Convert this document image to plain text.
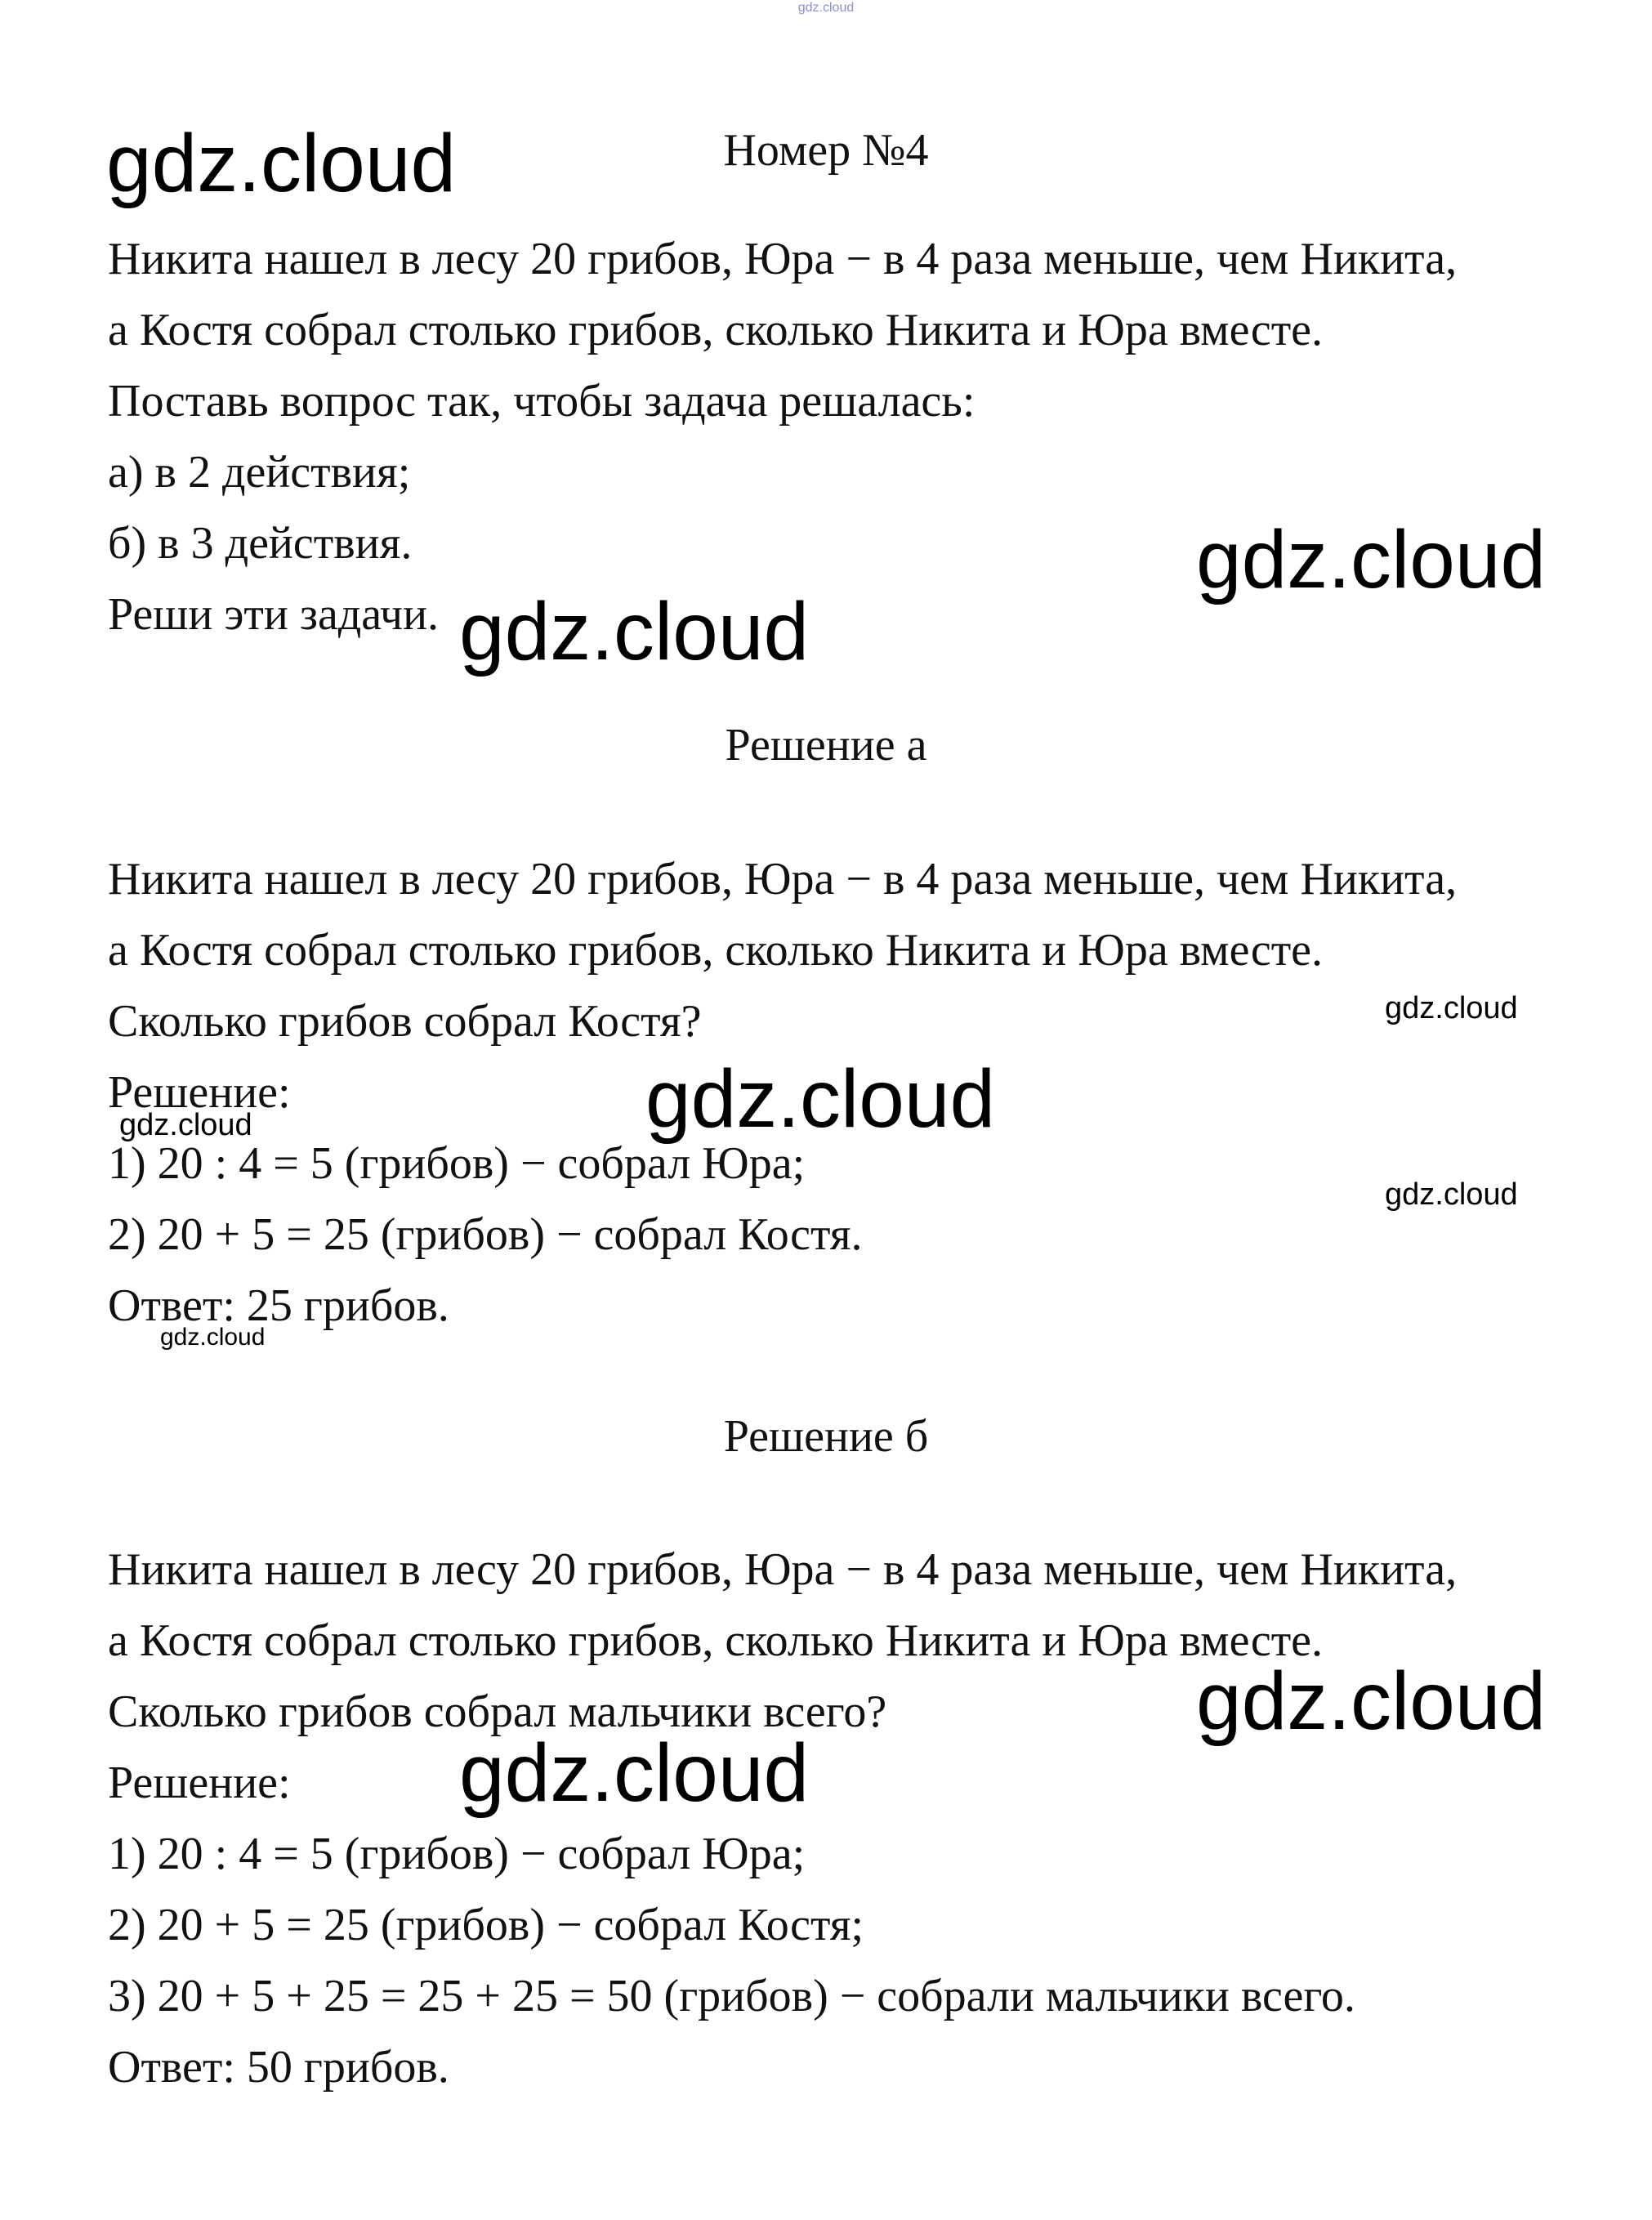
gdz.cloud
Номер №4
Никита нашел в лесу 20 грибов, Юра − в 4 раза меньше, чем Никита,
а Костя собрал столько грибов, сколько Никита и Юра вместе.
Поставь вопрос так, чтобы задача решалась:
а) в 2 действия;
б) в 3 действия.
Реши эти задачи.
Решение а
Никита нашел в лесу 20 грибов, Юра − в 4 раза меньше, чем Никита,
а Костя собрал столько грибов, сколько Никита и Юра вместе.
Сколько грибов собрал Костя?
Решение:
1) 20 : 4 = 5 (грибов) − собрал Юра;
2) 20 + 5 = 25 (грибов) − собрал Костя.
Ответ: 25 грибов.
Решение б
Никита нашел в лесу 20 грибов, Юра − в 4 раза меньше, чем Никита,
а Костя собрал столько грибов, сколько Никита и Юра вместе.
Сколько грибов собрал мальчики всего?
Решение:
1) 20 : 4 = 5 (грибов) − собрал Юра;
2) 20 + 5 = 25 (грибов) − собрал Костя;
3) 20 + 5 + 25 = 25 + 25 = 50 (грибов) − собрали мальчики всего.
Ответ: 50 грибов.
gdz.cloud
gdz.cloud
gdz.cloud
gdz.cloud
gdz.cloud
gdz.cloud
gdz.cloud
gdz.cloud
gdz.cloud
gdz.cloud
